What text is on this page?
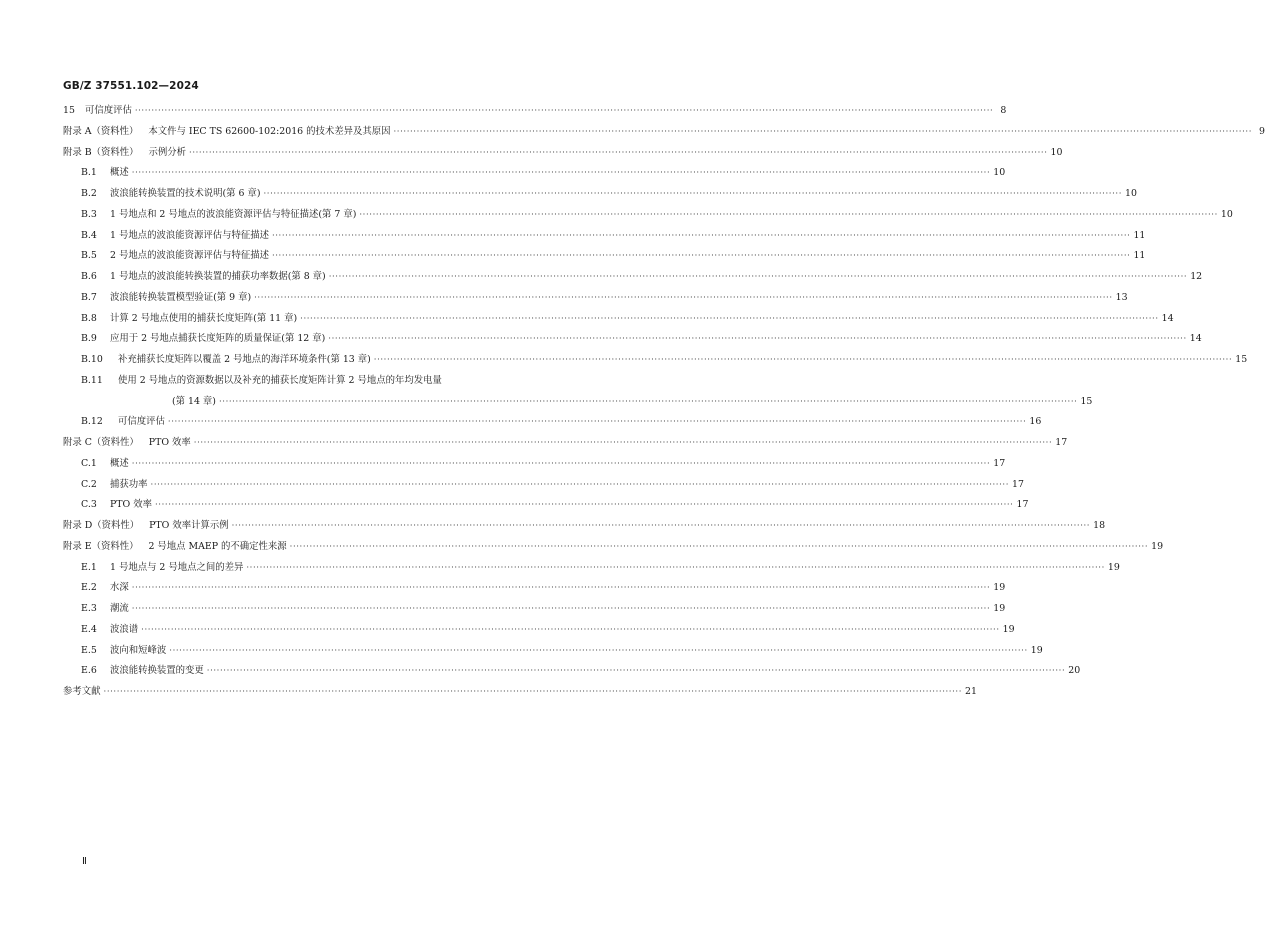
GB/Z 37551.102—2024
15	可信度评估 ···································································································································································································································································· 8
附录 A（资料性）	本文件与 IEC TS 62600-102:2016 的技术差异及其原因 ···································································································································································································································································· 9
附录 B（资料性）	示例分析 ···································································································································································································································································· 10
B.1	概述 ···································································································································································································································································· 10
B.2	波浪能转换装置的技术说明(第 6 章) ···································································································································································································································································· 10
B.3	1 号地点和 2 号地点的波浪能资源评估与特征描述(第 7 章) ···································································································································································································································································· 10
B.4	1 号地点的波浪能资源评估与特征描述 ···································································································································································································································································· 11
B.5	2 号地点的波浪能资源评估与特征描述 ···································································································································································································································································· 11
B.6	1 号地点的波浪能转换装置的捕获功率数据(第 8 章) ···································································································································································································································································· 12
B.7	波浪能转换装置模型验证(第 9 章) ···································································································································································································································································· 13
B.8	计算 2 号地点使用的捕获长度矩阵(第 11 章) ···································································································································································································································································· 14
B.9	应用于 2 号地点捕获长度矩阵的质量保证(第 12 章) ···································································································································································································································································· 14
B.10	补充捕获长度矩阵以覆盖 2 号地点的海洋环境条件(第 13 章) ···································································································································································································································································· 15
B.11	使用 2 号地点的资源数据以及补充的捕获长度矩阵计算 2 号地点的年均发电量
(第 14 章) ···································································································································································································································································· 15
B.12	可信度评估 ···································································································································································································································································· 16
附录 C（资料性）	PTO 效率 ···································································································································································································································································· 17
C.1	概述 ···································································································································································································································································· 17
C.2	捕获功率 ···································································································································································································································································· 17
C.3	PTO 效率 ···································································································································································································································································· 17
附录 D（资料性）	PTO 效率计算示例 ···································································································································································································································································· 18
附录 E（资料性）	2 号地点 MAEP 的不确定性来源 ···································································································································································································································································· 19
E.1	1 号地点与 2 号地点之间的差异 ···································································································································································································································································· 19
E.2	水深 ···································································································································································································································································· 19
E.3	潮流 ···································································································································································································································································· 19
E.4	波浪谱 ···································································································································································································································································· 19
E.5	波向和短峰波 ···································································································································································································································································· 19
E.6	波浪能转换装置的变更 ···································································································································································································································································· 20
参考文献 ···································································································································································································································································· 21
Ⅱ
